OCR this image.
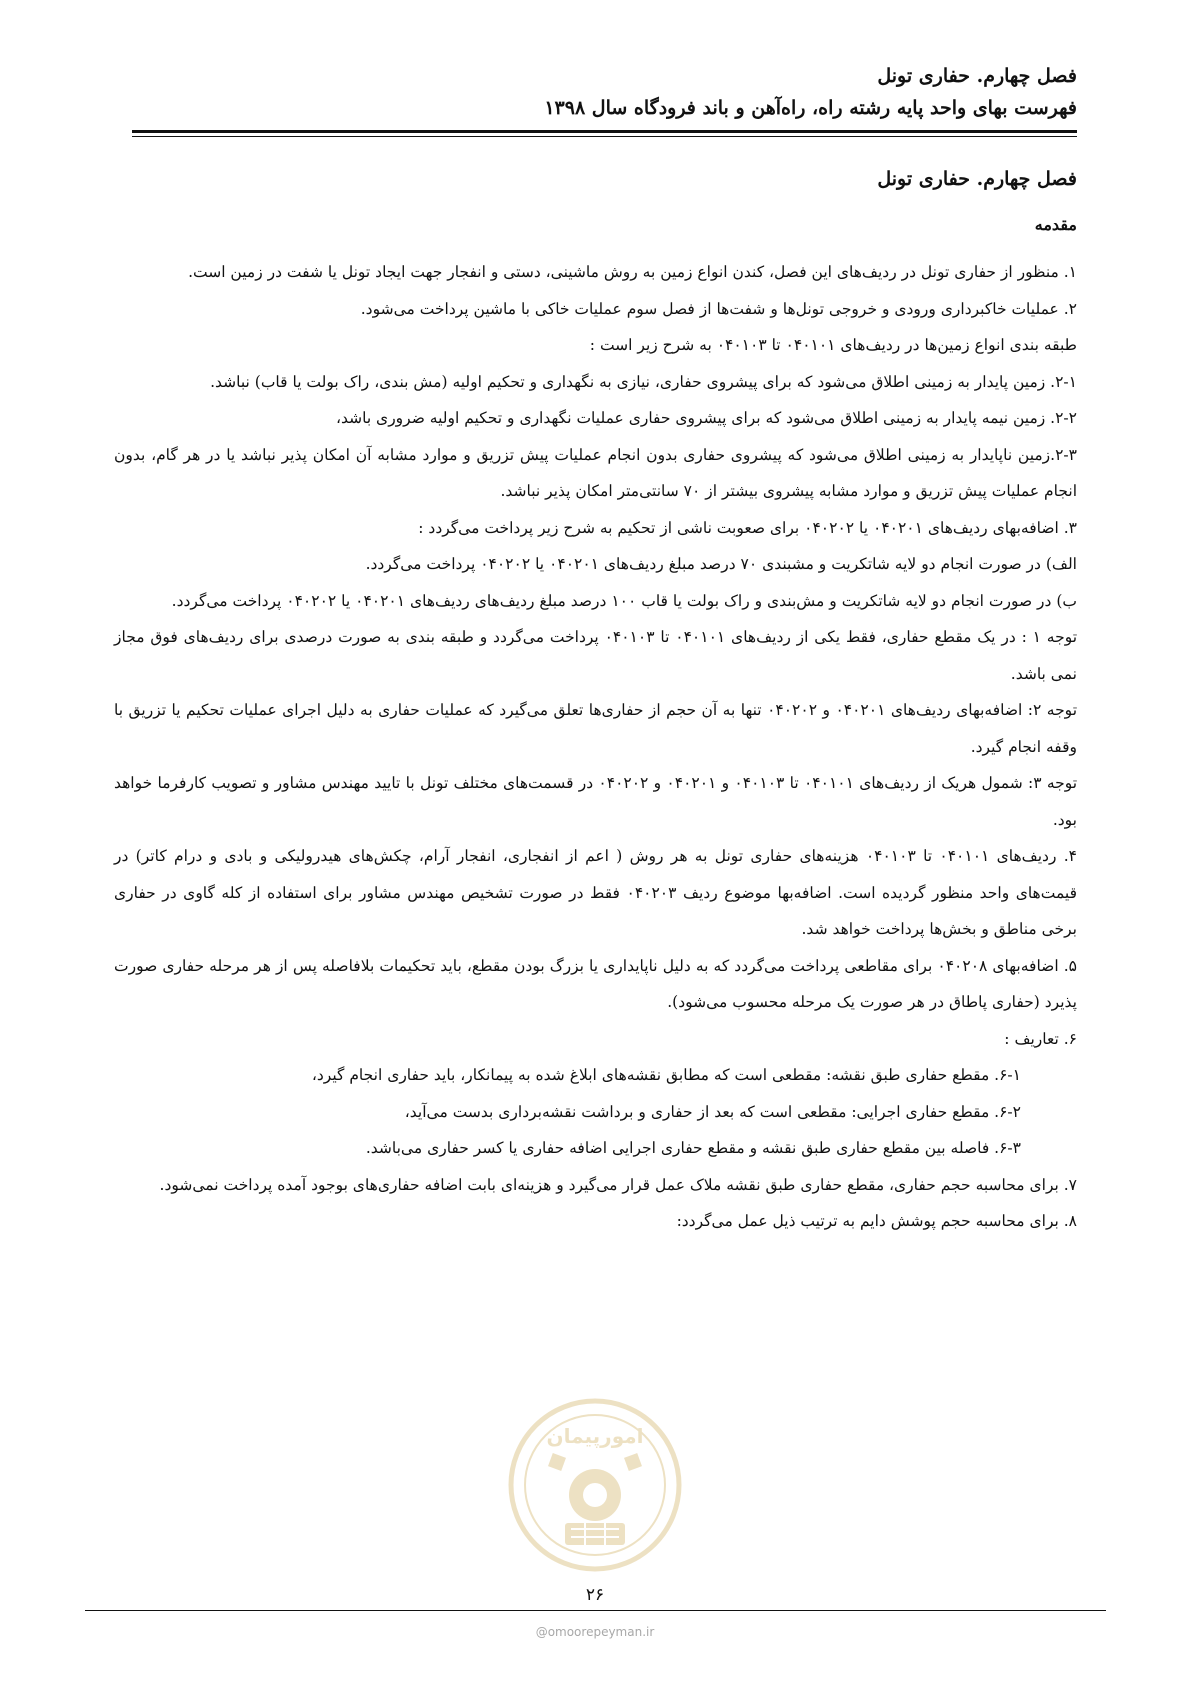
فصل چهارم. حفاری تونل
فهرست بهای واحد پایه رشته راه، راه‌آهن و باند فرودگاه سال ۱۳۹۸
فصل چهارم. حفاری تونل
مقدمه

۱. منظور از حفاری تونل در ردیف‌های این فصل، کندن انواع زمین به روش ماشینی، دستی و انفجار جهت ایجاد تونل یا شفت در زمین است.

۲. عملیات خاکبرداری ورودی و خروجی تونل‌ها و شفت‌ها از فصل سوم عملیات خاکی با ماشین پرداخت می‌شود.

طبقه بندی انواع زمین‌ها در ردیف‌های ۰۴۰۱۰۱ تا ۰۴۰۱۰۳ به شرح زیر است :

۲-۱. زمین پایدار به زمینی اطلاق می‌شود که برای پیشروی حفاری، نیازی به نگهداری و تحکیم اولیه (مش بندی، راک بولت یا قاب) نباشد.

۲-۲. زمین نیمه پایدار به زمینی اطلاق می‌شود که برای پیشروی حفاری عملیات نگهداری و تحکیم اولیه ضروری باشد،

۲-۳.زمین ناپایدار به زمینی اطلاق می‌شود که پیشروی حفاری بدون انجام عملیات پیش تزریق و موارد مشابه آن امکان پذیر نباشد یا در هر گام، بدون انجام عملیات پیش تزریق و موارد مشابه پیشروی بیشتر از ۷۰ سانتی‌متر امکان پذیر نباشد.

۳. اضافه‌بهای ردیف‌های ۰۴۰۲۰۱ یا ۰۴۰۲۰۲ برای صعوبت ناشی از تحکیم به شرح زیر پرداخت می‌گردد :

الف) در صورت انجام دو لایه شاتکریت و مشبندی ۷۰ درصد مبلغ ردیف‌های ۰۴۰۲۰۱ یا ۰۴۰۲۰۲ پرداخت می‌گردد.

ب) در صورت انجام دو لایه شاتکریت و مش‌بندی و راک بولت یا قاب ۱۰۰ درصد مبلغ ردیف‌های ردیف‌های ۰۴۰۲۰۱ یا ۰۴۰۲۰۲ پرداخت می‌گردد.

توجه ۱ : در یک مقطع حفاری، فقط یکی از ردیف‌های ۰۴۰۱۰۱ تا ۰۴۰۱۰۳ پرداخت می‌گردد و طبقه بندی به صورت درصدی برای ردیف‌های فوق مجاز نمی باشد.

توجه ۲: اضافه‌بهای ردیف‌های ۰۴۰۲۰۱ و ۰۴۰۲۰۲ تنها به آن حجم از حفاری‌ها تعلق می‌گیرد که عملیات حفاری به دلیل اجرای عملیات تحکیم یا تزریق با وقفه انجام گیرد.

توجه ۳: شمول هریک از ردیف‌های ۰۴۰۱۰۱ تا ۰۴۰۱۰۳ و ۰۴۰۲۰۱ و ۰۴۰۲۰۲ در قسمت‌های مختلف تونل با تایید مهندس مشاور و تصویب کارفرما خواهد بود.

۴. ردیف‌های ۰۴۰۱۰۱ تا ۰۴۰۱۰۳ هزینه‌های حفاری تونل به هر روش ( اعم از انفجاری، انفجار آرام، چکش‌های هیدرولیکی و بادی و درام کاتر) در قیمت‌های واحد منظور گردیده است. اضافه‌بها موضوع ردیف ۰۴۰۲۰۳ فقط در صورت تشخیص مهندس مشاور برای استفاده از کله گاوی در حفاری برخی مناطق و بخش‌ها پرداخت خواهد شد.

۵. اضافه‌بهای ۰۴۰۲۰۸ برای مقاطعی پرداخت می‌گردد که به دلیل ناپایداری یا بزرگ بودن مقطع، باید تحکیمات بلافاصله پس از هر مرحله حفاری صورت پذیرد (حفاری پاطاق در هر صورت یک مرحله محسوب می‌شود).

۶. تعاریف :

۶-۱. مقطع حفاری طبق نقشه: مقطعی است که مطابق نقشه‌های ابلاغ شده به پیمانکار، باید حفاری انجام گیرد،

۶-۲. مقطع حفاری اجرایی: مقطعی است که بعد از حفاری و برداشت نقشه‌برداری بدست می‌آید،

۶-۳. فاصله بین مقطع حفاری طبق نقشه و مقطع حفاری اجرایی اضافه حفاری یا کسر حفاری می‌باشد.

۷. برای محاسبه حجم حفاری، مقطع حفاری طبق نقشه ملاک عمل قرار می‌گیرد و هزینه‌ای بابت اضافه حفاری‌های بوجود آمده پرداخت نمی‌شود.

۸. برای محاسبه حجم پوشش دایم به ترتیب ذیل عمل می‌گردد:

امورپیمان
۲۶
@omoorepeyman.ir
